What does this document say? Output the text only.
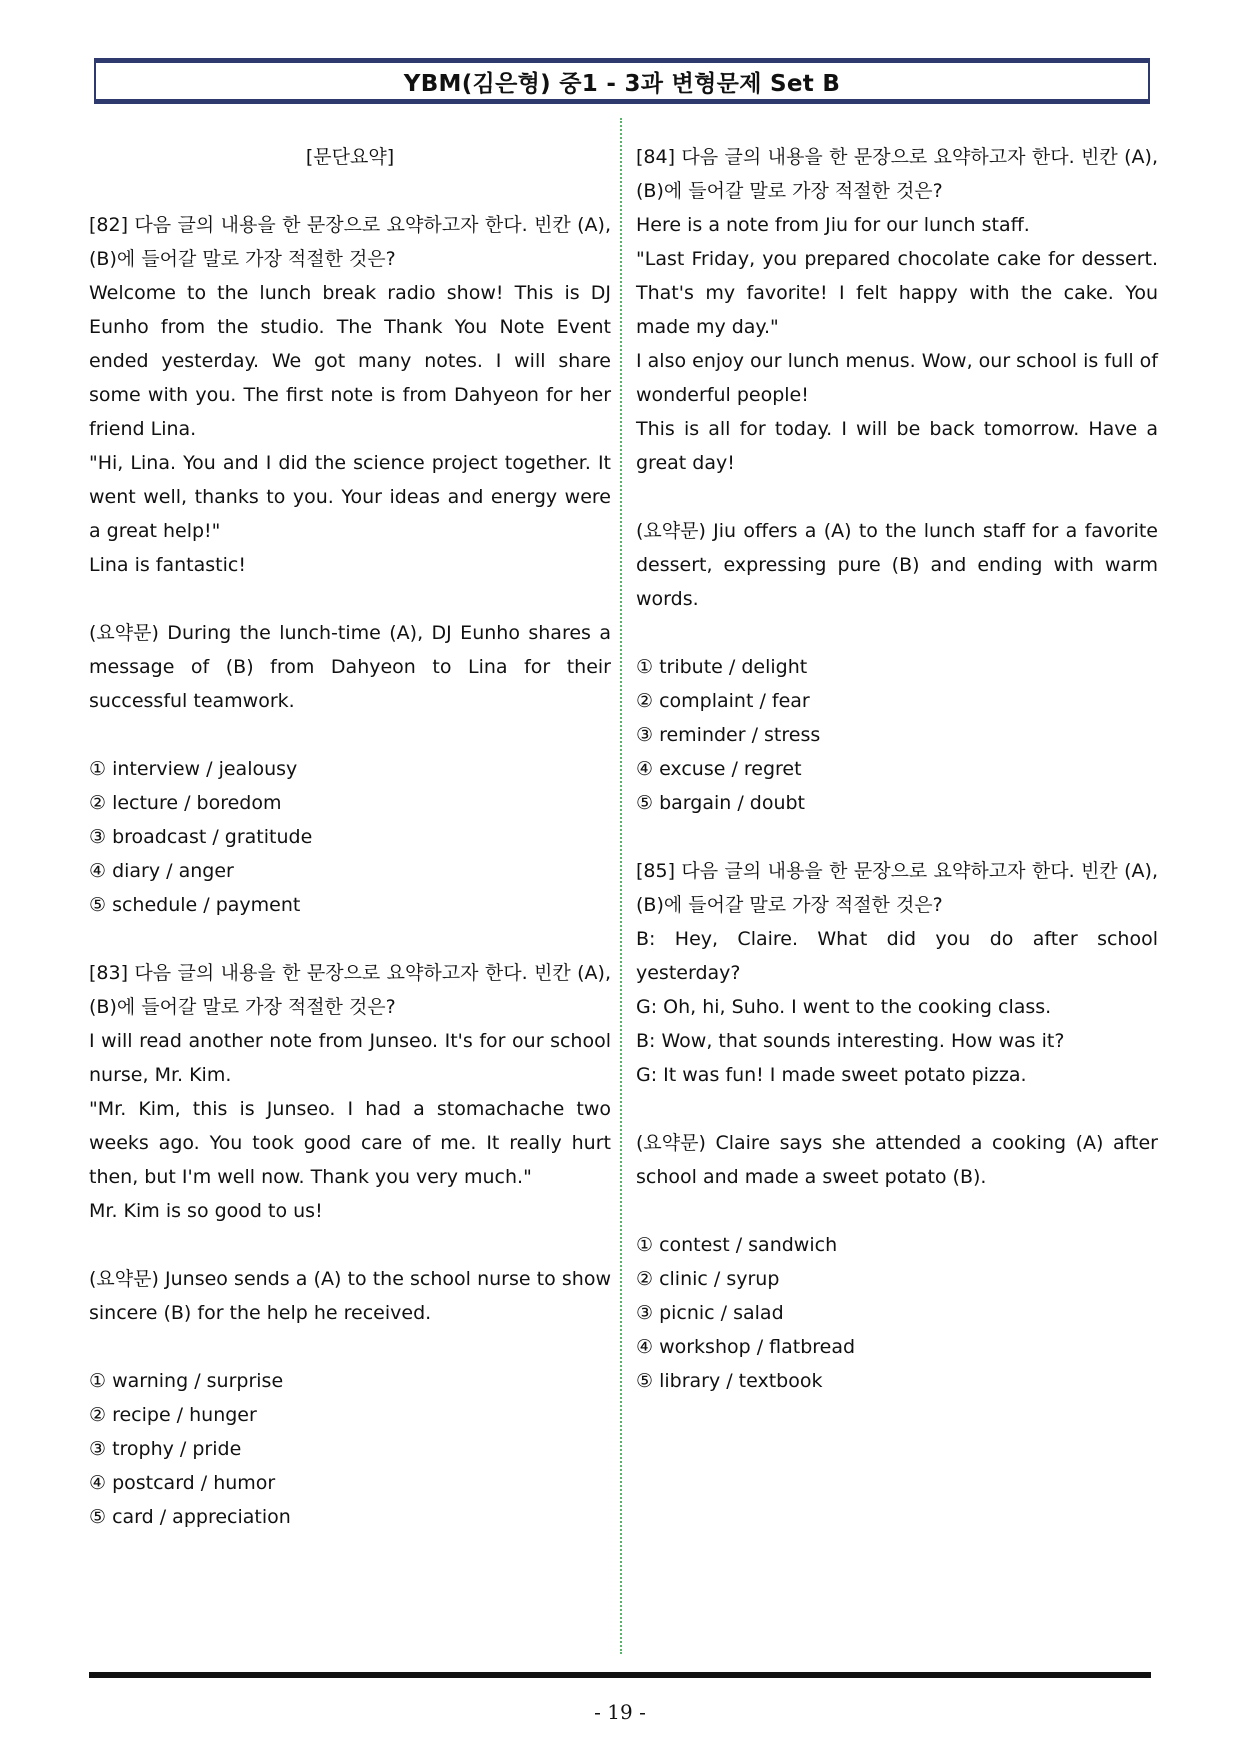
YBM(김은형) 중1 - 3과 변형문제 Set B

[문단요약]

[82] 다음 글의 내용을 한 문장으로 요약하고자 한다. 빈칸 (A), (B)에 들어갈 말로 가장 적절한 것은?

Welcome to the lunch break radio show! This is DJ Eunho from the studio. The Thank You Note Event ended yesterday. We got many notes. I will share some with you. The first note is from Dahyeon for her friend Lina.

"Hi, Lina. You and I did the science project together. It went well, thanks to you. Your ideas and energy were a great help!"

Lina is fantastic!

(요약문) During the lunch-time (A), DJ Eunho shares a message of (B) from Dahyeon to Lina for their successful teamwork.

① interview / jealousy
② lecture / boredom
③ broadcast / gratitude
④ diary / anger
⑤ schedule / payment

[83] 다음 글의 내용을 한 문장으로 요약하고자 한다. 빈칸 (A), (B)에 들어갈 말로 가장 적절한 것은?

I will read another note from Junseo. It's for our school nurse, Mr. Kim.

"Mr. Kim, this is Junseo. I had a stomachache two weeks ago. You took good care of me. It really hurt then, but I'm well now. Thank you very much."

Mr. Kim is so good to us!

(요약문) Junseo sends a (A) to the school nurse to show sincere (B) for the help he received.

① warning / surprise
② recipe / hunger
③ trophy / pride
④ postcard / humor
⑤ card / appreciation

[84] 다음 글의 내용을 한 문장으로 요약하고자 한다. 빈칸 (A), (B)에 들어갈 말로 가장 적절한 것은?

Here is a note from Jiu for our lunch staff.

"Last Friday, you prepared chocolate cake for dessert. That's my favorite! I felt happy with the cake. You made my day."

I also enjoy our lunch menus. Wow, our school is full of wonderful people!

This is all for today. I will be back tomorrow. Have a great day!

(요약문) Jiu offers a (A) to the lunch staff for a favorite dessert, expressing pure (B) and ending with warm words.

① tribute / delight
② complaint / fear
③ reminder / stress
④ excuse / regret
⑤ bargain / doubt

[85] 다음 글의 내용을 한 문장으로 요약하고자 한다. 빈칸 (A), (B)에 들어갈 말로 가장 적절한 것은?

B: Hey, Claire. What did you do after school yesterday?

G: Oh, hi, Suho. I went to the cooking class.

B: Wow, that sounds interesting. How was it?

G: It was fun! I made sweet potato pizza.

(요약문) Claire says she attended a cooking (A) after school and made a sweet potato (B).

① contest / sandwich
② clinic / syrup
③ picnic / salad
④ workshop / flatbread
⑤ library / textbook
- 19 -
